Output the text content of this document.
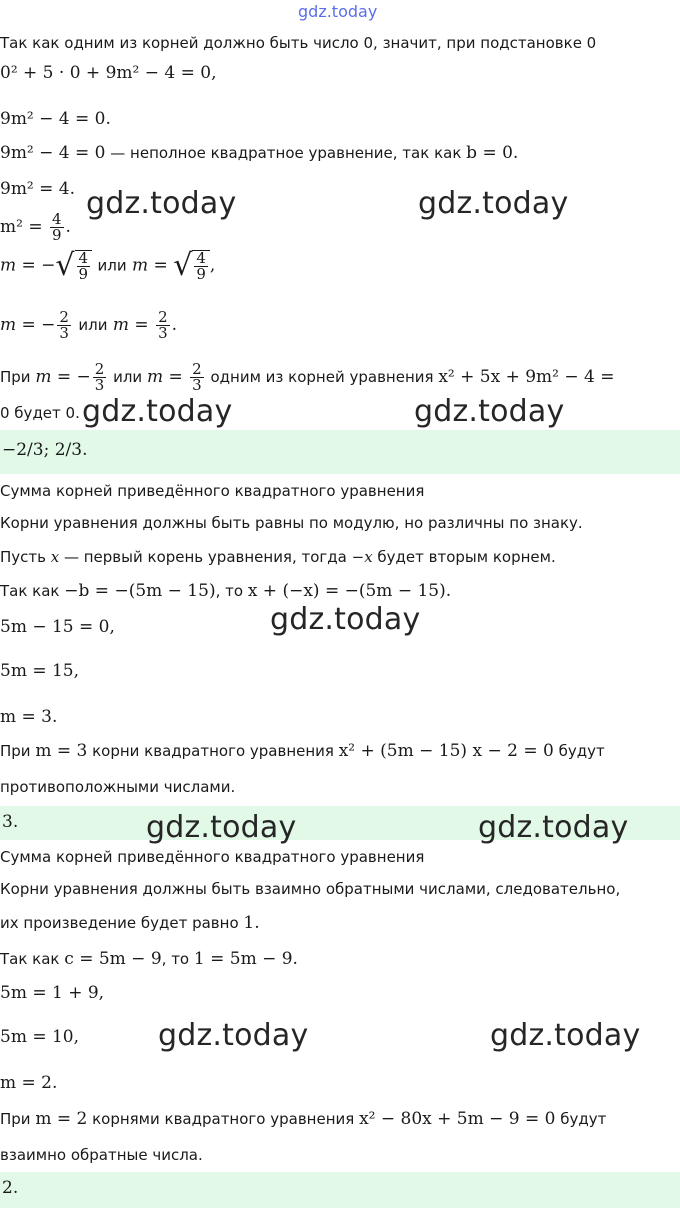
gdz.today
Так как одним из корней должно быть число 0, значит, при подстановке 0
0² + 5 · 0 + 9m² − 4 = 0,
9m² − 4 = 0.
9m² − 4 = 0 — неполное квадратное уравнение, так как b = 0.
9m² = 4.
$m^2 = \frac{4}{9}$ .
m = −√ $\frac{4}{9}$ или m = √ $\frac{4}{9}$ ,
m = − $\frac{2}{3}$ или $m = \frac{2}{3}$ .
При m = − $\frac{2}{3}$ или $m = \frac{2}{3}$ одним из корней уравнения x² + 5x + 9m² − 4 =
0 будет 0.
−2/3; 2/3.
Сумма корней приведённого квадратного уравнения
Корни уравнения должны быть равны по модулю, но различны по знаку.
Пусть x — первый корень уравнения, тогда −x будет вторым корнем.
Так как −b = −(5m − 15), то x + (−x) = −(5m − 15).
5m − 15 = 0,
5m = 15,
m = 3.
При m = 3 корни квадратного уравнения x² + (5m − 15) x − 2 = 0 будут
противоположными числами.
3.
Сумма корней приведённого квадратного уравнения
Корни уравнения должны быть взаимно обратными числами, следовательно,
их произведение будет равно 1.
Так как c = 5m − 9, то 1 = 5m − 9.
5m = 1 + 9,
5m = 10,
m = 2.
При m = 2 корнями квадратного уравнения x² − 80x + 5m − 9 = 0 будут
взаимно обратные числа.
2.
gdz.today	gdz.today
gdz.today	gdz.today
gdz.today
gdz.today	gdz.today
gdz.today	gdz.today
